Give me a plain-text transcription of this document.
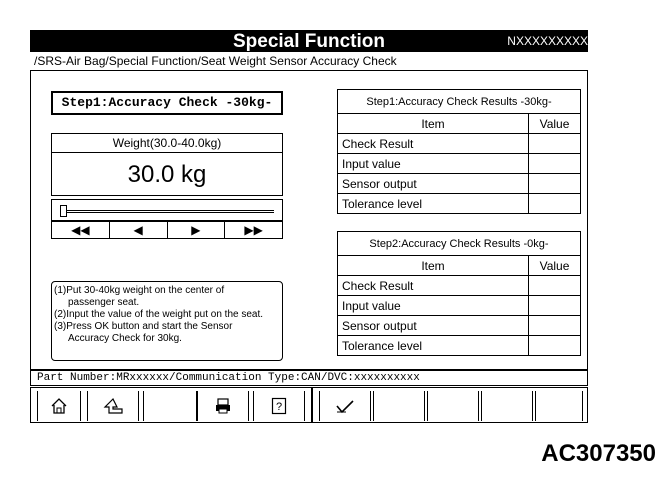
Special Function	NXXXXXXXXX
/SRS-Air Bag/Special Function/Seat Weight Sensor Accuracy Check
Step1:Accuracy Check -30kg-
Weight(30.0-40.0kg)
30.0 kg
◀◀	◀	▶	▶▶
(1)Put 30-40kg weight on the center of
passenger seat.
(2)Input the value of the weight put on the seat.
(3)Press OK button and start the Sensor
Accuracy Check for 30kg.
Step1:Accuracy Check Results -30kg-	
Item	Value
Check Result	
Input value	
Sensor output	
Tolerance level	
Step2:Accuracy Check Results -0kg-	
Item	Value
Check Result	
Input value	
Sensor output	
Tolerance level	
Part Number:MRxxxxxx/Communication Type:CAN/DVC:xxxxxxxxxx
?
AC307350
